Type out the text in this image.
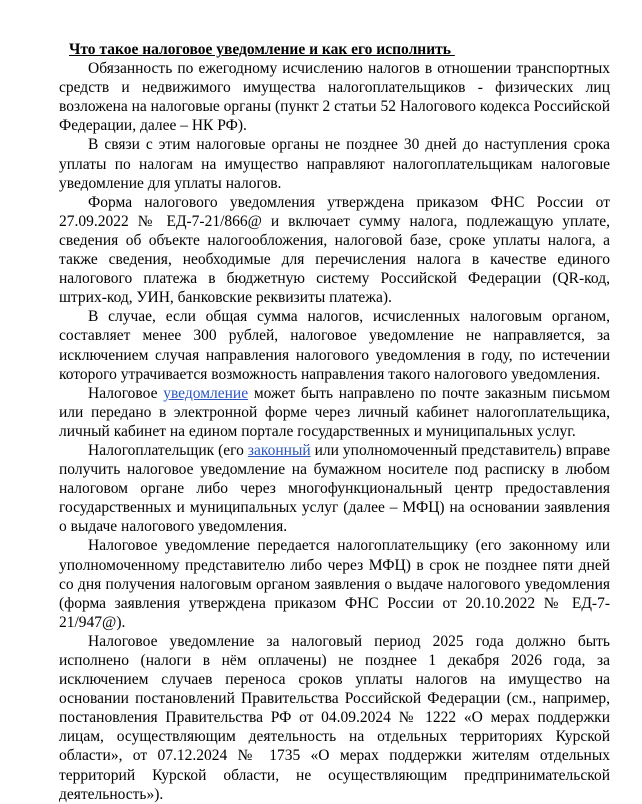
Что такое налоговое уведомление и как его исполнить

Обязанность по ежегодному исчислению налогов в отношении транспортных средств и недвижимого имущества налогоплательщиков - физических лиц возложена на налоговые органы (пункт 2 статьи 52 Налогового кодекса Российской Федерации, далее – НК РФ).

В связи с этим налоговые органы не позднее 30 дней до наступления срока уплаты по налогам на имущество направляют налогоплательщикам налоговые уведомление для уплаты налогов.

Форма налогового уведомления утверждена приказом ФНС России от 27.09.2022 № ЕД-7-21/866@ и включает сумму налога, подлежащую уплате, сведения об объекте налогообложения, налоговой базе, сроке уплаты налога, а также сведения, необходимые для перечисления налога в качестве единого налогового платежа в бюджетную систему Российской Федерации (QR-код, штрих-код, УИН, банковские реквизиты платежа).

В случае, если общая сумма налогов, исчисленных налоговым органом, составляет менее 300 рублей, налоговое уведомление не направляется, за исключением случая направления налогового уведомления в году, по истечении которого утрачивается возможность направления такого налогового уведомления.

Налоговое уведомление может быть направлено по почте заказным письмом или передано в электронной форме через личный кабинет налогоплательщика, личный кабинет на едином портале государственных и муниципальных услуг.

Налогоплательщик (его законный или уполномоченный представитель) вправе получить налоговое уведомление на бумажном носителе под расписку в любом налоговом органе либо через многофункциональный центр предоставления государственных и муниципальных услуг (далее – МФЦ) на основании заявления о выдаче налогового уведомления.

Налоговое уведомление передается налогоплательщику (его законному или уполномоченному представителю либо через МФЦ) в срок не позднее пяти дней со дня получения налоговым органом заявления о выдаче налогового уведомления (форма заявления утверждена приказом ФНС России от 20.10.2022 № ЕД-7-21/947@).

Налоговое уведомление за налоговый период 2025 года должно быть исполнено (налоги в нём оплачены) не позднее 1 декабря 2026 года, за исключением случаев переноса сроков уплаты налогов на имущество на основании постановлений Правительства Российской Федерации (см., например, постановления Правительства РФ от 04.09.2024 № 1222 «О мерах поддержки лицам, осуществляющим деятельность на отдельных территориях Курской области», от 07.12.2024 № 1735 «О мерах поддержки жителям отдельных территорий Курской области, не осуществляющим предпринимательской деятельность»).
